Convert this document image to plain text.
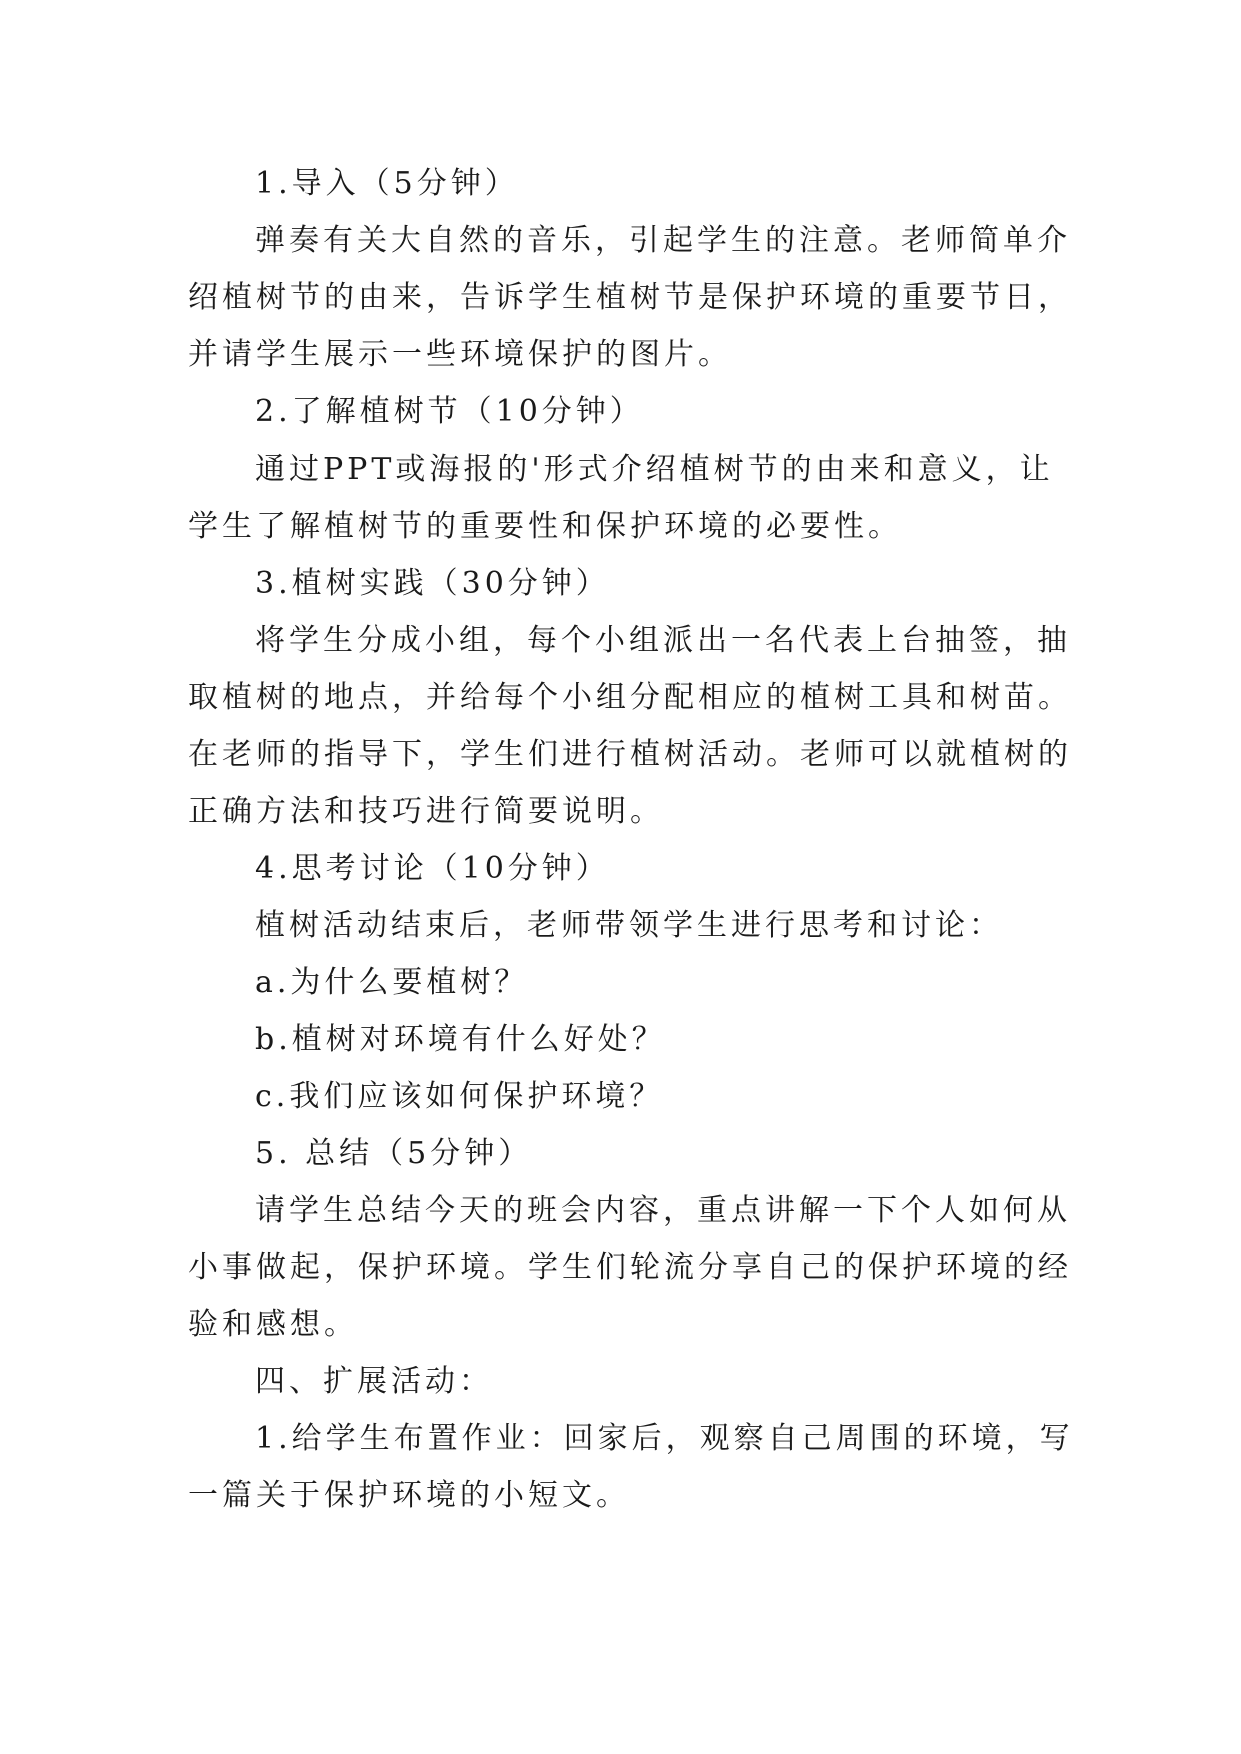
1.导入（5分钟）
弹奏有关大自然的音乐，引起学生的注意。老师简单介
绍植树节的由来，告诉学生植树节是保护环境的重要节日，
并请学生展示一些环境保护的图片。
2.了解植树节（10分钟）
通过PPT或海报的'形式介绍植树节的由来和意义，让
学生了解植树节的重要性和保护环境的必要性。
3.植树实践（30分钟）
将学生分成小组，每个小组派出一名代表上台抽签，抽
取植树的地点，并给每个小组分配相应的植树工具和树苗。
在老师的指导下，学生们进行植树活动。老师可以就植树的
正确方法和技巧进行简要说明。
4.思考讨论（10分钟）
植树活动结束后，老师带领学生进行思考和讨论：
a.为什么要植树？
b.植树对环境有什么好处？
c.我们应该如何保护环境？
5. 总结（5分钟）
请学生总结今天的班会内容，重点讲解一下个人如何从
小事做起，保护环境。学生们轮流分享自己的保护环境的经
验和感想。
四、扩展活动：
1.给学生布置作业：回家后，观察自己周围的环境，写
一篇关于保护环境的小短文。
